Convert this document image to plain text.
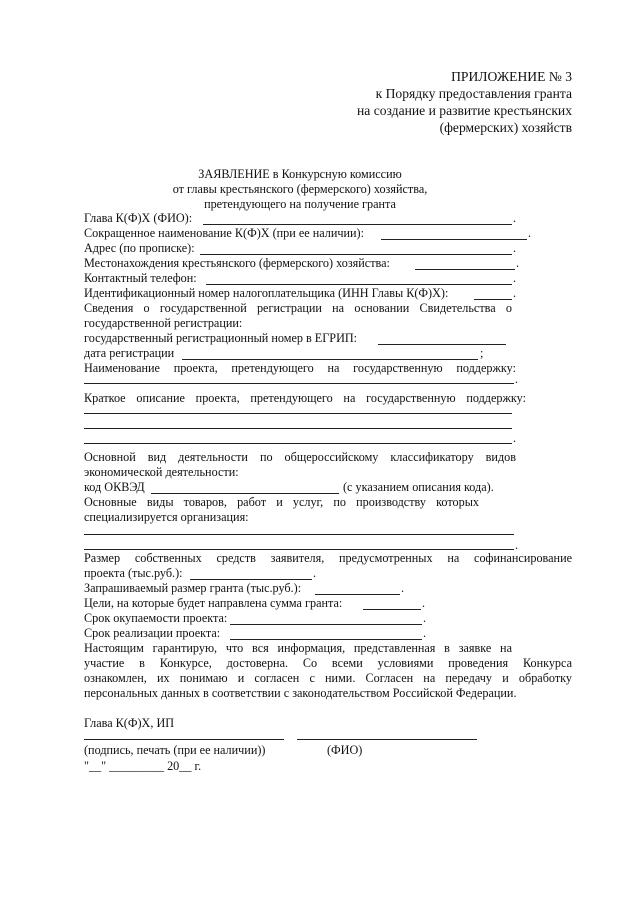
ПРИЛОЖЕНИЕ № 3
к Порядку предоставления гранта
на создание и развитие крестьянских
(фермерских) хозяйств
ЗАЯВЛЕНИЕ в Конкурсную комиссию
от главы крестьянского (фермерского) хозяйства,
претендующего на получение гранта
Глава К(Ф)Х (ФИО):	.
Сокращенное наименование К(Ф)Х (при ее наличии):	.
Адрес (по прописке):	.
Местонахождения крестьянского (фермерского) хозяйства:	.
Контактный телефон:	.
Идентификационный номер налогоплательщика (ИНН Главы К(Ф)Х):	.
Сведения о государственной регистрации на основании Свидетельства о
государственной регистрации:
государственный регистрационный номер в ЕГРИП:
дата регистрации	;
Наименование проекта, претендующего на государственную поддержку:
.
Краткое описание проекта, претендующего на государственную поддержку:
.
Основной вид деятельности по общероссийскому классификатору видов
экономической деятельности:
код ОКВЭД	(с указанием описания кода).
Основные виды товаров, работ и услуг, по производству которых
специализируется организация:
.
Размер собственных средств заявителя, предусмотренных на софинансирование
проекта (тыс.руб.):	.
Запрашиваемый размер гранта (тыс.руб.):	.
Цели, на которые будет направлена сумма гранта:	.
Срок окупаемости проекта:	.
Срок реализации проекта:	.
Настоящим гарантирую, что вся информация, представленная в заявке на
участие в Конкурсе, достоверна. Со всеми условиями проведения Конкурса
ознакомлен, их понимаю и согласен с ними. Согласен на передачу и обработку
персональных данных в соответствии с законодательством Российской Федерации.
Глава К(Ф)Х, ИП
(подпись, печать (при ее наличии))	(ФИО)
"__" _________ 20__ г.
